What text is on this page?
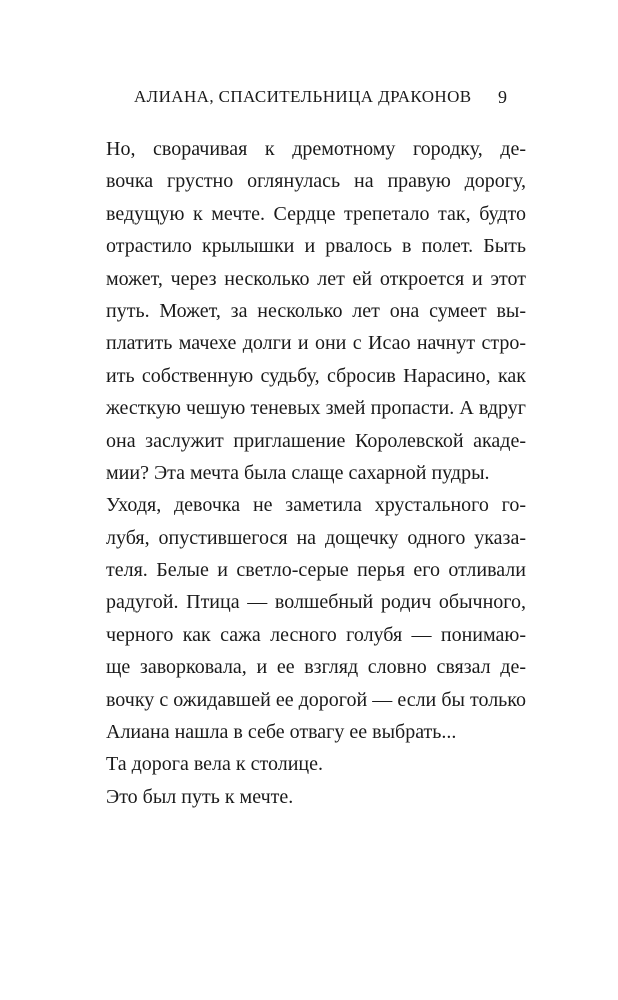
АЛИАНА, СПАСИТЕЛЬНИЦА ДРАКОНОВ 9
Но, сворачивая к дремотному городку, де-
вочка грустно оглянулась на правую дорогу,
ведущую к мечте. Сердце трепетало так, будто
отрастило крылышки и рвалось в полет. Быть
может, через несколько лет ей откроется и этот
путь. Может, за несколько лет она сумеет вы-
платить мачехе долги и они с Исао начнут стро-
ить собственную судьбу, сбросив Нарасино, как
жесткую чешую теневых змей пропасти. А вдруг
она заслужит приглашение Королевской акаде-
мии? Эта мечта была слаще сахарной пудры.
Уходя, девочка не заметила хрустального го-
лубя, опустившегося на дощечку одного указа-
теля. Белые и светло-серые перья его отливали
радугой. Птица — волшебный родич обычного,
черного как сажа лесного голубя — понимаю-
ще заворковала, и ее взгляд словно связал де-
вочку с ожидавшей ее дорогой — если бы только
Алиана нашла в себе отвагу ее выбрать...
Та дорога вела к столице.
Это был путь к мечте.
